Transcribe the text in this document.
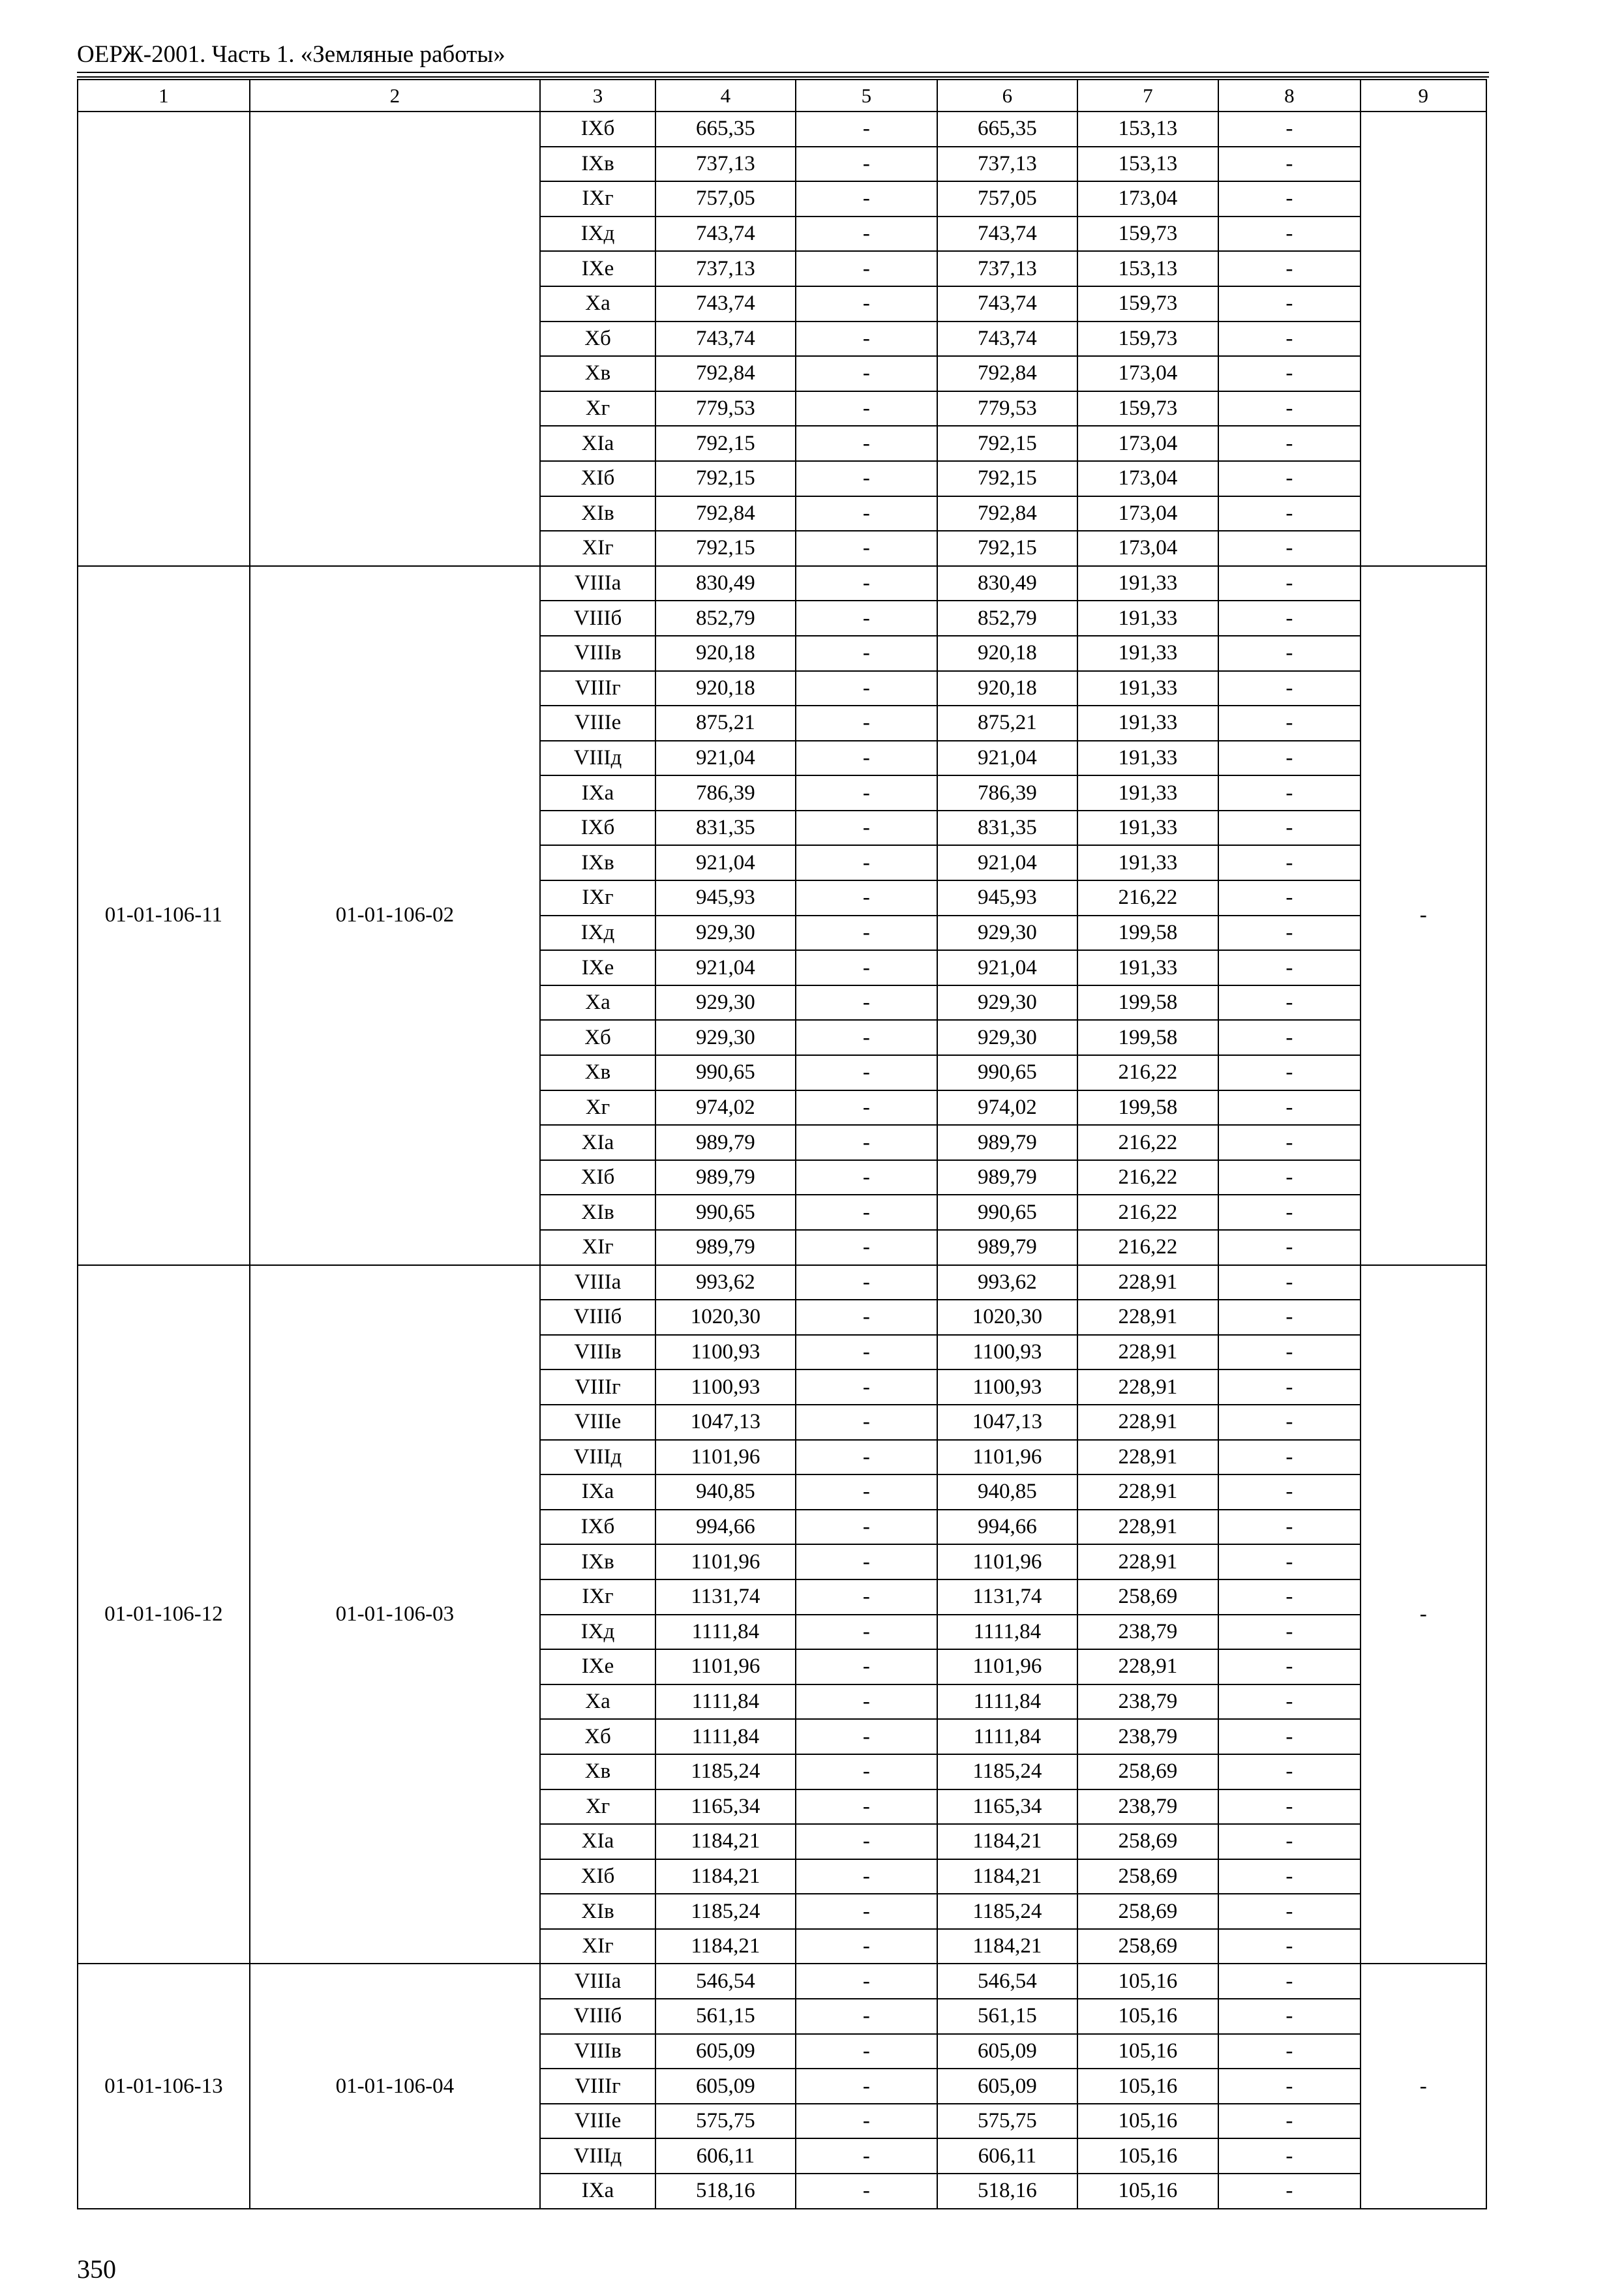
ОЕРЖ-2001. Часть 1. «Земляные работы»
1	2	3	4	5	6	7	8	9
		IXб	665,35	-	665,35	153,13	-	
		IXв	737,13	-	737,13	153,13	-	
		IXг	757,05	-	757,05	173,04	-	
		IXд	743,74	-	743,74	159,73	-	
		IXе	737,13	-	737,13	153,13	-	
		Xа	743,74	-	743,74	159,73	-	
		Xб	743,74	-	743,74	159,73	-	
		Xв	792,84	-	792,84	173,04	-	
		Xг	779,53	-	779,53	159,73	-	
		XIа	792,15	-	792,15	173,04	-	
		XIб	792,15	-	792,15	173,04	-	
		XIв	792,84	-	792,84	173,04	-	
		XIг	792,15	-	792,15	173,04	-	
01-01-106-11	01-01-106-02	VIIIа	830,49	-	830,49	191,33	-	-
		VIIIб	852,79	-	852,79	191,33	-	
		VIIIв	920,18	-	920,18	191,33	-	
		VIIIг	920,18	-	920,18	191,33	-	
		VIIIе	875,21	-	875,21	191,33	-	
		VIIIд	921,04	-	921,04	191,33	-	
		IXа	786,39	-	786,39	191,33	-	
		IXб	831,35	-	831,35	191,33	-	
		IXв	921,04	-	921,04	191,33	-	
		IXг	945,93	-	945,93	216,22	-	
		IXд	929,30	-	929,30	199,58	-	
		IXе	921,04	-	921,04	191,33	-	
		Xа	929,30	-	929,30	199,58	-	
		Xб	929,30	-	929,30	199,58	-	
		Xв	990,65	-	990,65	216,22	-	
		Xг	974,02	-	974,02	199,58	-	
		XIа	989,79	-	989,79	216,22	-	
		XIб	989,79	-	989,79	216,22	-	
		XIв	990,65	-	990,65	216,22	-	
		XIг	989,79	-	989,79	216,22	-	
01-01-106-12	01-01-106-03	VIIIа	993,62	-	993,62	228,91	-	-
		VIIIб	1020,30	-	1020,30	228,91	-	
		VIIIв	1100,93	-	1100,93	228,91	-	
		VIIIг	1100,93	-	1100,93	228,91	-	
		VIIIе	1047,13	-	1047,13	228,91	-	
		VIIIд	1101,96	-	1101,96	228,91	-	
		IXа	940,85	-	940,85	228,91	-	
		IXб	994,66	-	994,66	228,91	-	
		IXв	1101,96	-	1101,96	228,91	-	
		IXг	1131,74	-	1131,74	258,69	-	
		IXд	1111,84	-	1111,84	238,79	-	
		IXе	1101,96	-	1101,96	228,91	-	
		Xа	1111,84	-	1111,84	238,79	-	
		Xб	1111,84	-	1111,84	238,79	-	
		Xв	1185,24	-	1185,24	258,69	-	
		Xг	1165,34	-	1165,34	238,79	-	
		XIа	1184,21	-	1184,21	258,69	-	
		XIб	1184,21	-	1184,21	258,69	-	
		XIв	1185,24	-	1185,24	258,69	-	
		XIг	1184,21	-	1184,21	258,69	-	
01-01-106-13	01-01-106-04	VIIIа	546,54	-	546,54	105,16	-	-
		VIIIб	561,15	-	561,15	105,16	-	
		VIIIв	605,09	-	605,09	105,16	-	
		VIIIг	605,09	-	605,09	105,16	-	
		VIIIе	575,75	-	575,75	105,16	-	
		VIIIд	606,11	-	606,11	105,16	-	
		IXа	518,16	-	518,16	105,16	-	
350
